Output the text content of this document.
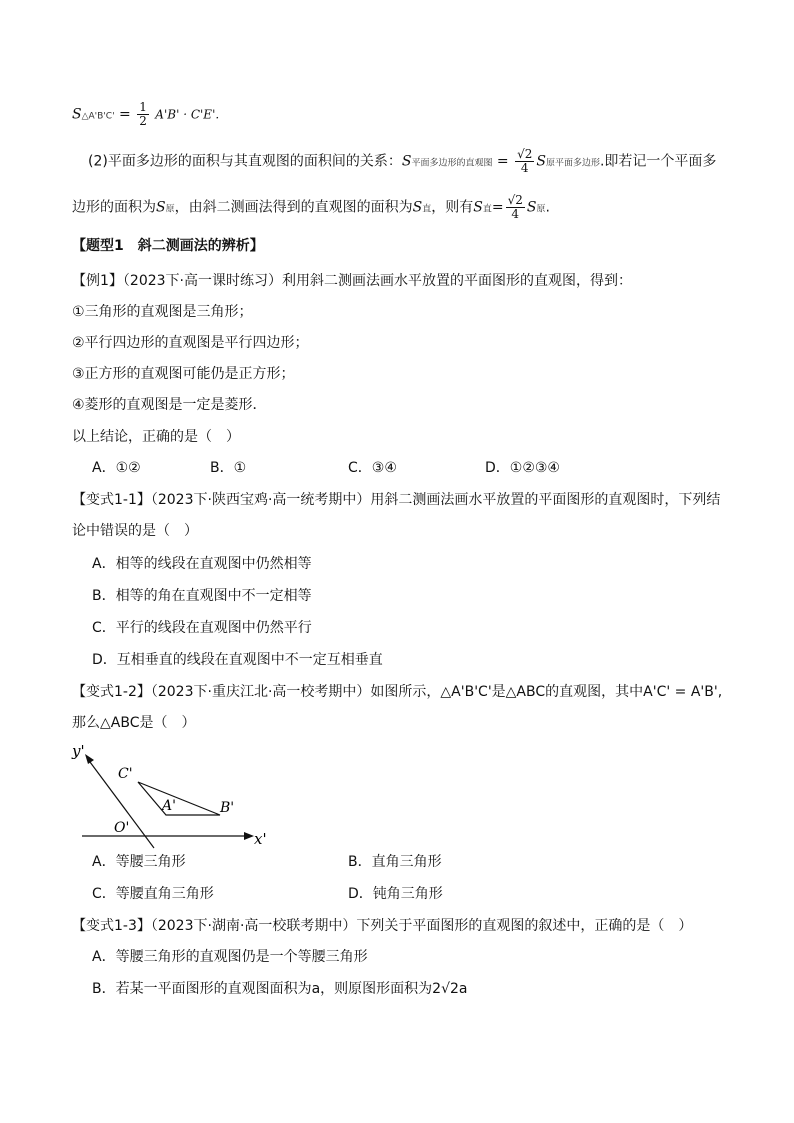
S△A'B'C' = $\frac{1}{2} A'B' \cdot C'E'$.
(2)平面多边形的面积与其直观图的面积间的关系：S平面多边形的直观图 = $\frac{√2}{4}$ S原平面多边形.即若记一个平面多
边形的面积为S原，由斜二测画法得到的直观图的面积为S直，则有S直= $\frac{√2}{4}$ S原.
【题型1　斜二测画法的辨析】
【例1】（2023下·高一课时练习）利用斜二测画法画水平放置的平面图形的直观图，得到：
①三角形的直观图是三角形；
②平行四边形的直观图是平行四边形；
③正方形的直观图可能仍是正方形；
④菱形的直观图是一定是菱形．
以上结论，正确的是（　）
A．①②	B．①	C．③④	D．①②③④
【变式1-1】（2023下·陕西宝鸡·高一统考期中）用斜二测画法画水平放置的平面图形的直观图时，下列结
论中错误的是（　）
A．相等的线段在直观图中仍然相等
B．相等的角在直观图中不一定相等
C．平行的线段在直观图中仍然平行
D．互相垂直的线段在直观图中不一定互相垂直
【变式1-2】（2023下·重庆江北·高一校考期中）如图所示，△A'B'C'是△ABC的直观图，其中A'C' = A'B',
那么△ABC是（　）
y'
x'
O'
A'	B'
C'
A．等腰三角形	B．直角三角形
C．等腰直角三角形	D．钝角三角形
【变式1-3】（2023下·湖南·高一校联考期中）下列关于平面图形的直观图的叙述中，正确的是（　）
A．等腰三角形的直观图仍是一个等腰三角形
B．若某一平面图形的直观图面积为a，则原图形面积为2√2a
